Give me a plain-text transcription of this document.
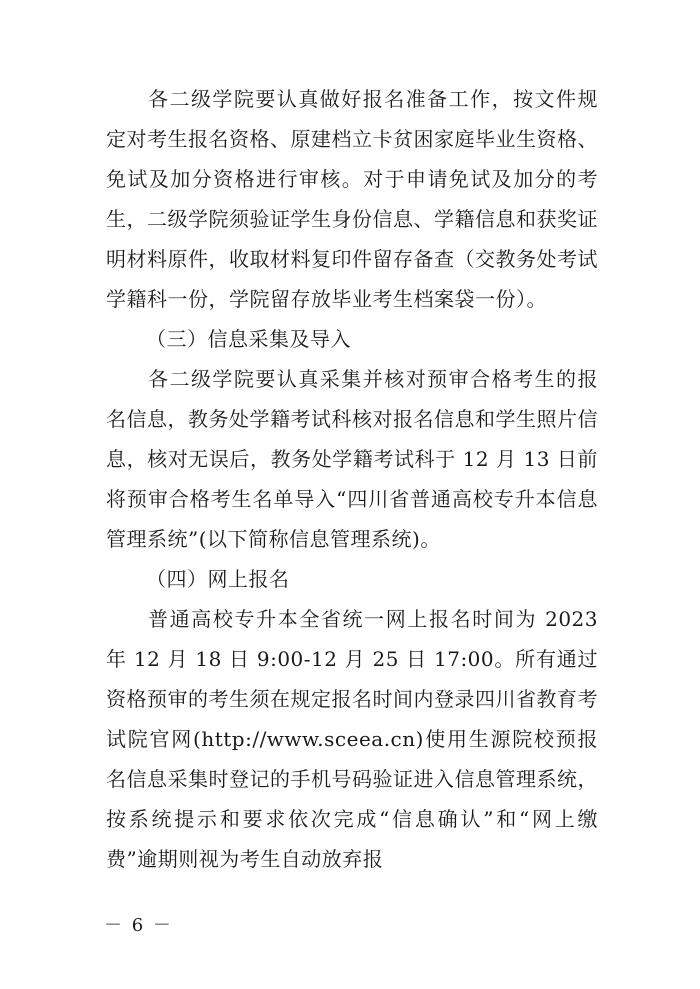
各二级学院要认真做好报名准备工作，按文件规定对考生报名资格、原建档立卡贫困家庭毕业生资格、免试及加分资格进行审核。对于申请免试及加分的考生，二级学院须验证学生身份信息、学籍信息和获奖证明材料原件，收取材料复印件留存备查（交教务处考试学籍科一份，学院留存放毕业考生档案袋一份）。

（三）信息采集及导入

各二级学院要认真采集并核对预审合格考生的报名信息，教务处学籍考试科核对报名信息和学生照片信息，核对无误后，教务处学籍考试科于 12 月 13 日前将预审合格考生名单导入“四川省普通高校专升本信息管理系统”(以下简称信息管理系统)。

（四）网上报名

普通高校专升本全省统一网上报名时间为 2023 年 12 月 18 日 9:00-12 月 25 日 17:00。所有通过资格预审的考生须在规定报名时间内登录四川省教育考试院官网(http://www.sceea.cn)使用生源院校预报名信息采集时登记的手机号码验证进入信息管理系统，按系统提示和要求依次完成“信息确认”和“网上缴费”逾期则视为考生自动放弃报

－ 6 －
